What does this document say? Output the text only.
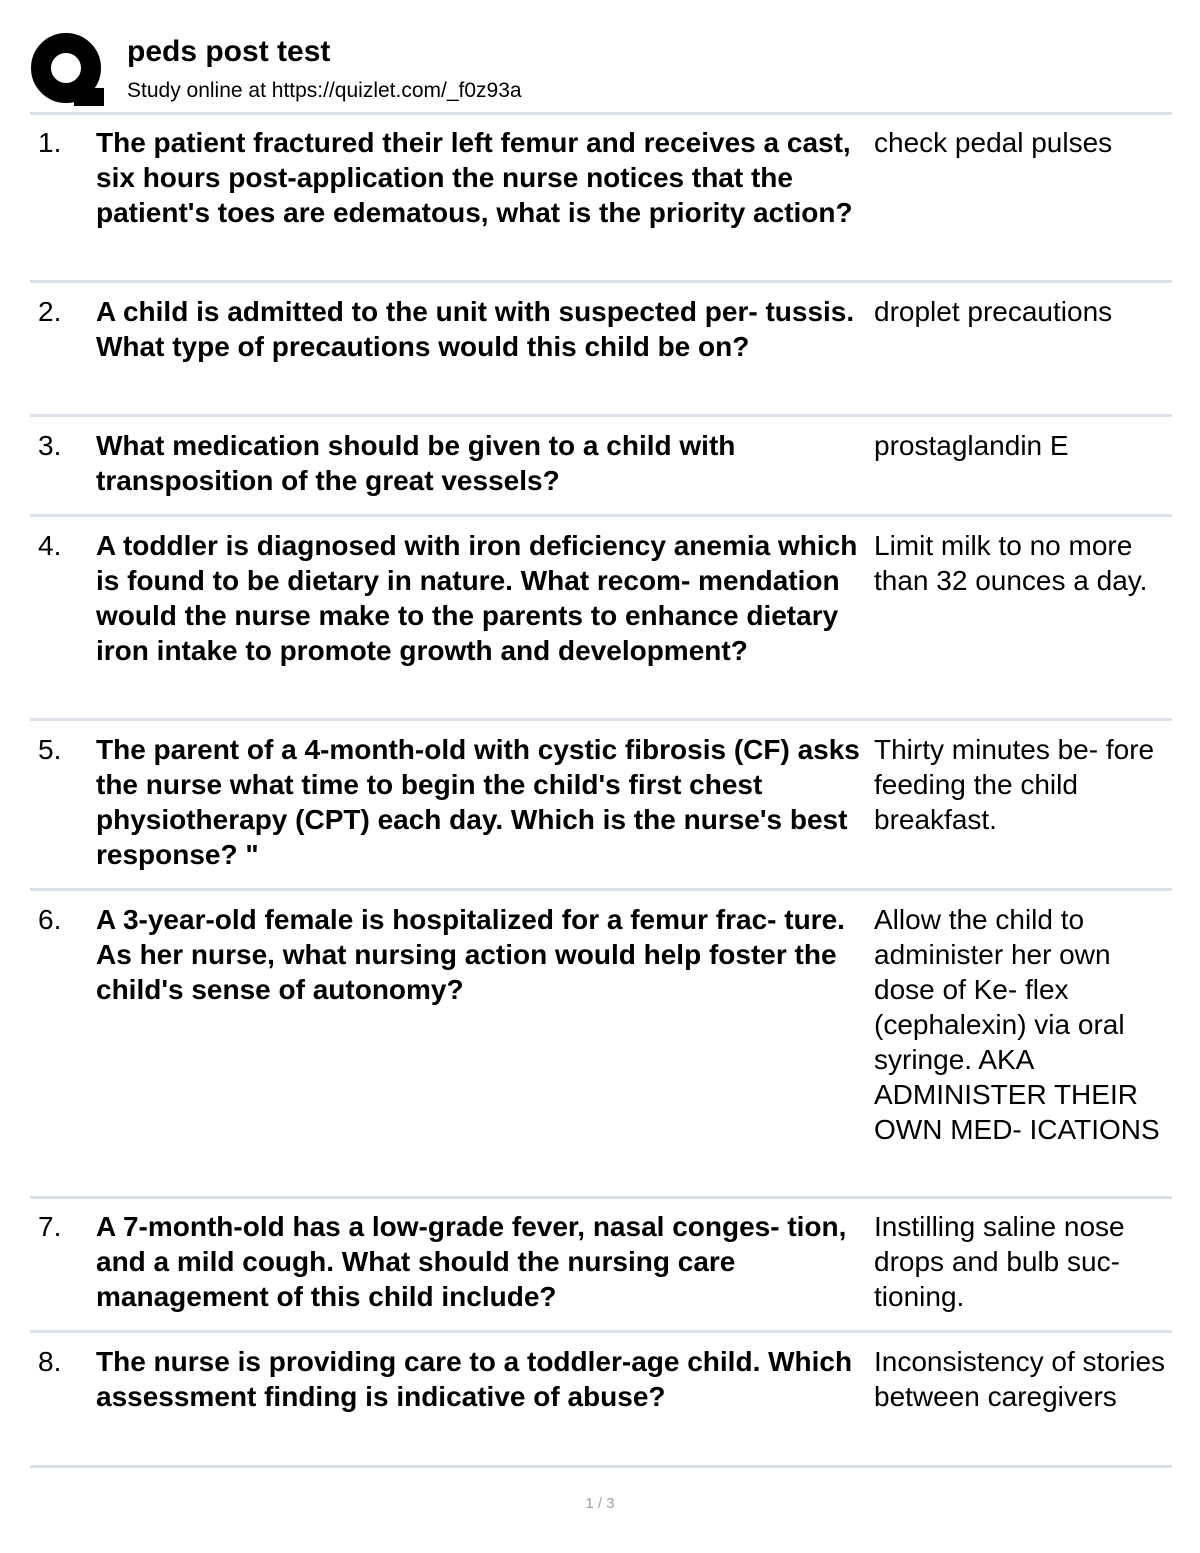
peds post test
Study online at https://quizlet.com/_f0z93a
1. The patient fractured their left femur and receives a cast, six hours post-application the nurse notices that the patient's toes are edematous, what is the priority action?
check pedal pulses
2. A child is admitted to the unit with suspected per- tussis. What type of precautions would this child be on?
droplet precautions
3. What medication should be given to a child with transposition of the great vessels?
prostaglandin E
4. A toddler is diagnosed with iron deficiency anemia which is found to be dietary in nature. What recom- mendation would the nurse make to the parents to enhance dietary iron intake to promote growth and development?
Limit milk to no more than 32 ounces a day.
5. The parent of a 4-month-old with cystic fibrosis (CF) asks the nurse what time to begin the child's first chest physiotherapy (CPT) each day. Which is the nurse's best response? "
Thirty minutes be- fore feeding the child breakfast.
6. A 3-year-old female is hospitalized for a femur frac- ture. As her nurse, what nursing action would help foster the child's sense of autonomy?
Allow the child to administer her own dose of Ke- flex (cephalexin) via oral syringe. AKA ADMINISTER THEIR OWN MED- ICATIONS
7. A 7-month-old has a low-grade fever, nasal conges- tion, and a mild cough. What should the nursing care management of this child include?
Instilling saline nose drops and bulb suc- tioning.
8. The nurse is providing care to a toddler-age child. Which assessment finding is indicative of abuse?
Inconsistency of stories between caregivers
1 / 3
